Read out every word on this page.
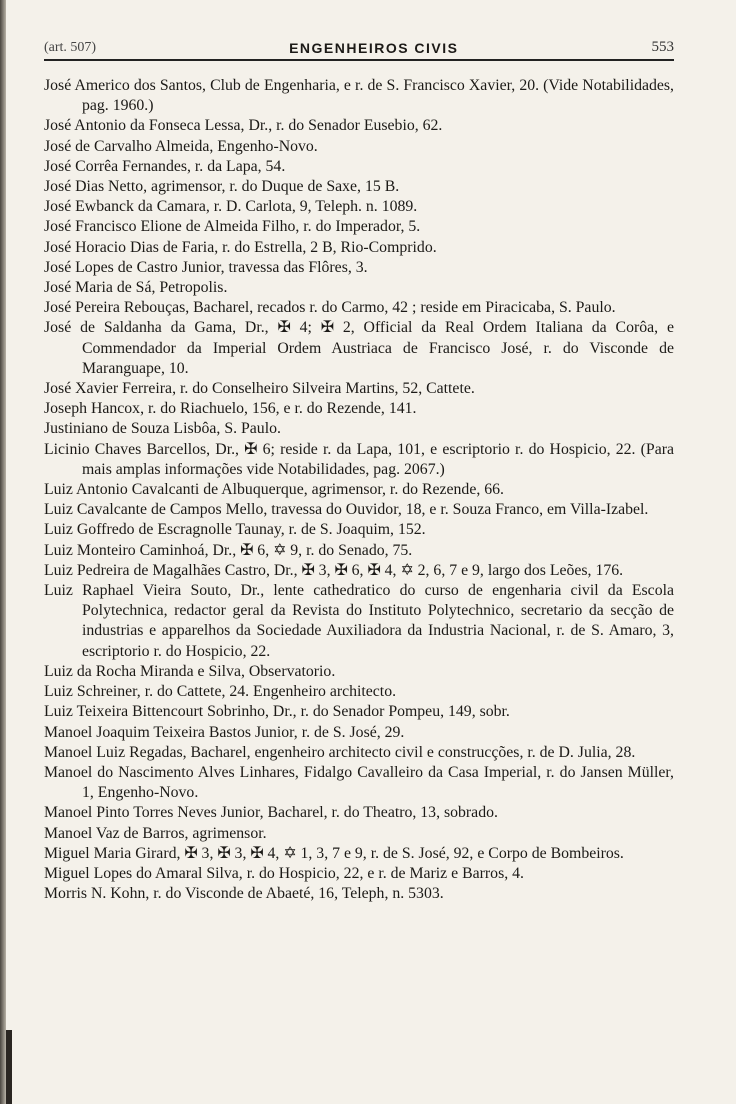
(art. 507)	ENGENHEIROS CIVIS	553

José Americo dos Santos, Club de Engenharia, e r. de S. Francisco Xavier, 20. (Vide Notabilidades, pag. 1960.)

José Antonio da Fonseca Lessa, Dr., r. do Senador Eusebio, 62.

José de Carvalho Almeida, Engenho-Novo.

José Corrêa Fernandes, r. da Lapa, 54.

José Dias Netto, agrimensor, r. do Duque de Saxe, 15 B.

José Ewbanck da Camara, r. D. Carlota, 9, Teleph. n. 1089.

José Francisco Elione de Almeida Filho, r. do Imperador, 5.

José Horacio Dias de Faria, r. do Estrella, 2 B, Rio-Comprido.

José Lopes de Castro Junior, travessa das Flôres, 3.

José Maria de Sá, Petropolis.

José Pereira Rebouças, Bacharel, recados r. do Carmo, 42 ; reside em Piracicaba, S. Paulo.

José de Saldanha da Gama, Dr., ✠ 4; ✠ 2, Official da Real Ordem Italiana da Corôa, e Commendador da Imperial Ordem Austriaca de Francisco José, r. do Visconde de Maranguape, 10.

José Xavier Ferreira, r. do Conselheiro Silveira Martins, 52, Cattete.

Joseph Hancox, r. do Riachuelo, 156, e r. do Rezende, 141.

Justiniano de Souza Lisbôa, S. Paulo.

Licinio Chaves Barcellos, Dr., ✠ 6; reside r. da Lapa, 101, e escriptorio r. do Hospicio, 22. (Para mais amplas informações vide Notabilidades, pag. 2067.)

Luiz Antonio Cavalcanti de Albuquerque, agrimensor, r. do Rezende, 66.

Luiz Cavalcante de Campos Mello, travessa do Ouvidor, 18, e r. Souza Franco, em Villa-Izabel.

Luiz Goffredo de Escragnolle Taunay, r. de S. Joaquim, 152.

Luiz Monteiro Caminhoá, Dr., ✠ 6, ✡ 9, r. do Senado, 75.

Luiz Pedreira de Magalhães Castro, Dr., ✠ 3, ✠ 6, ✠ 4, ✡ 2, 6, 7 e 9, largo dos Leões, 176.

Luiz Raphael Vieira Souto, Dr., lente cathedratico do curso de engenharia civil da Escola Polytechnica, redactor geral da Revista do Instituto Polytechnico, secretario da secção de industrias e apparelhos da Sociedade Auxiliadora da Industria Nacional, r. de S. Amaro, 3, escriptorio r. do Hospicio, 22.

Luiz da Rocha Miranda e Silva, Observatorio.

Luiz Schreiner, r. do Cattete, 24. Engenheiro architecto.

Luiz Teixeira Bittencourt Sobrinho, Dr., r. do Senador Pompeu, 149, sobr.

Manoel Joaquim Teixeira Bastos Junior, r. de S. José, 29.

Manoel Luiz Regadas, Bacharel, engenheiro architecto civil e construcções, r. de D. Julia, 28.

Manoel do Nascimento Alves Linhares, Fidalgo Cavalleiro da Casa Imperial, r. do Jansen Müller, 1, Engenho-Novo.

Manoel Pinto Torres Neves Junior, Bacharel, r. do Theatro, 13, sobrado.

Manoel Vaz de Barros, agrimensor.

Miguel Maria Girard, ✠ 3, ✠ 3, ✠ 4, ✡ 1, 3, 7 e 9, r. de S. José, 92, e Corpo de Bombeiros.

Miguel Lopes do Amaral Silva, r. do Hospicio, 22, e r. de Mariz e Barros, 4.

Morris N. Kohn, r. do Visconde de Abaeté, 16, Teleph, n. 5303.
